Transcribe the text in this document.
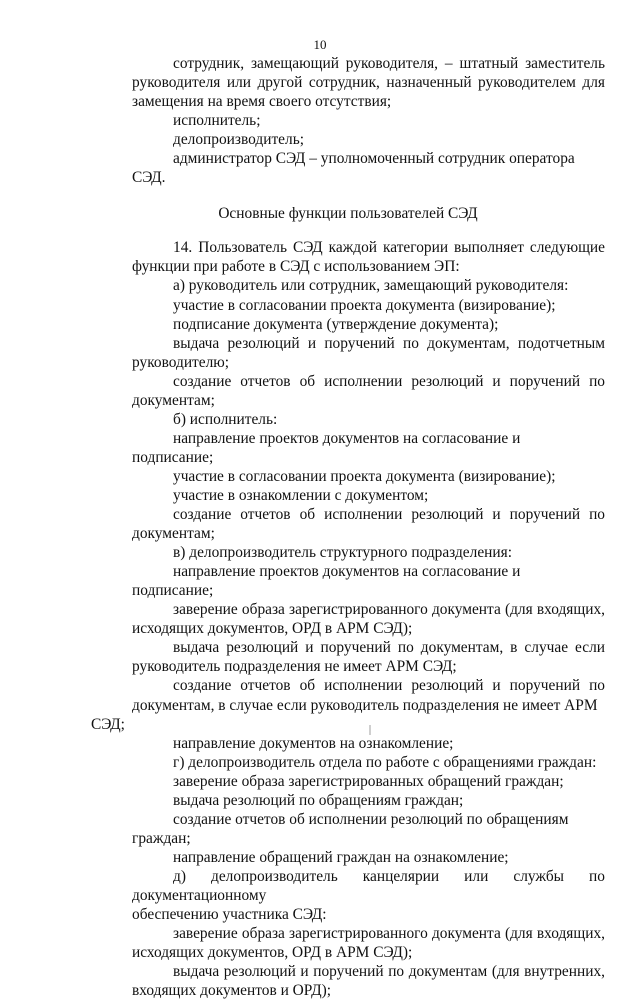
10
сотрудник, замещающий руководителя, – штатный заместитель
руководителя или другой сотрудник, назначенный руководителем для
замещения на время своего отсутствия;
исполнитель;
делопроизводитель;
администратор СЭД – уполномоченный сотрудник оператора СЭД.
Основные функции пользователей СЭД
14. Пользователь СЭД каждой категории выполняет следующие
функции при работе в СЭД с использованием ЭП:
а) руководитель или сотрудник, замещающий руководителя:
участие в согласовании проекта документа (визирование);
подписание документа (утверждение документа);
выдача резолюций и поручений по документам, подотчетным
руководителю;
создание отчетов об исполнении резолюций и поручений по
документам;
б) исполнитель:
направление проектов документов на согласование и подписание;
участие в согласовании проекта документа (визирование);
участие в ознакомлении с документом;
создание отчетов об исполнении резолюций и поручений по
документам;
в) делопроизводитель структурного подразделения:
направление проектов документов на согласование и подписание;
заверение образа зарегистрированного документа (для входящих,
исходящих документов, ОРД в АРМ СЭД);
выдача резолюций и поручений по документам, в случае если
руководитель подразделения не имеет АРМ СЭД;
создание отчетов об исполнении резолюций и поручений по
документам, в случае если руководитель подразделения не имеет АРМ СЭД;
направление документов на ознакомление;
г) делопроизводитель отдела по работе с обращениями граждан:
заверение образа зарегистрированных обращений граждан;
выдача резолюций по обращениям граждан;
создание отчетов об исполнении резолюций по обращениям граждан;
направление обращений граждан на ознакомление;
д) делопроизводитель канцелярии или службы по документационному
обеспечению участника СЭД:
заверение образа зарегистрированного документа (для входящих,
исходящих документов, ОРД в АРМ СЭД);
выдача резолюций и поручений по документам (для внутренних,
входящих документов и ОРД);
